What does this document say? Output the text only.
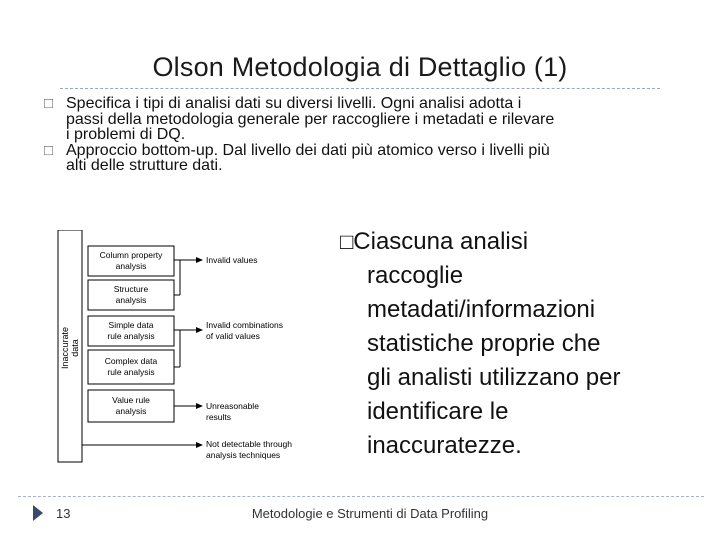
Olson Metodologia di Dettaglio (1)
□ Specifica i tipi di analisi dati su diversi livelli. Ogni analisi adotta i
passi della metodologia generale per raccogliere i metadati e rilevare
i problemi di DQ.
□ Approccio bottom-up. Dal livello dei dati più atomico verso i livelli più
alti delle strutture dati.
Inaccurate data
Column property
analysis
Structure
analysis
Simple data
rule analysis
Complex data
rule analysis
Value rule
analysis
Invalid values
Invalid combinations
of valid values
Unreasonable
results
Not detectable through
analysis techniques
□Ciascuna analisi
raccoglie
metadati/informazioni
statistiche proprie che
gli analisti utilizzano per
identificare le
inaccuratezze.
13	Metodologie e Strumenti di Data Profiling
